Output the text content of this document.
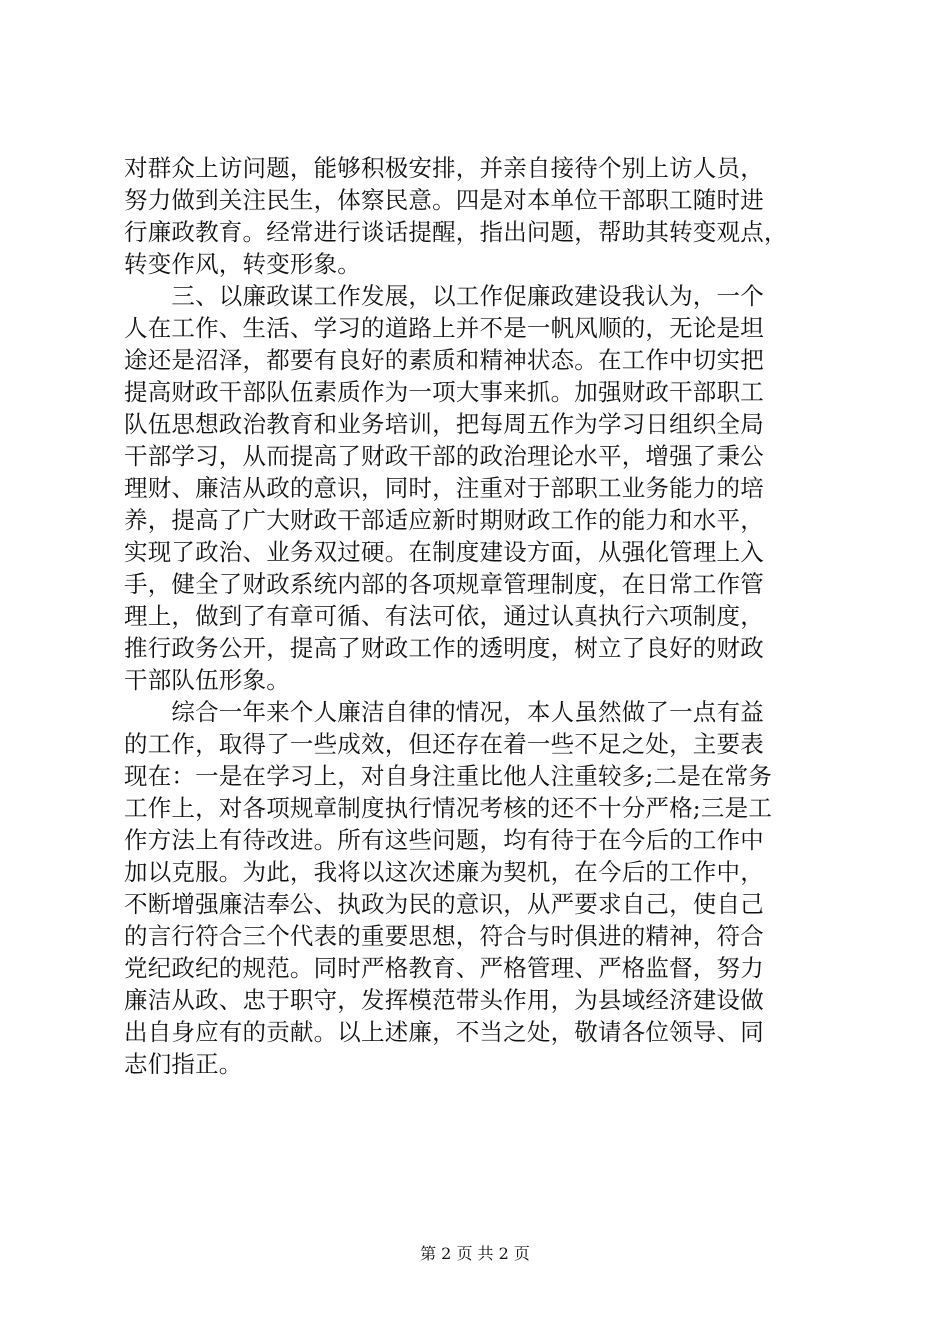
对群众上访问题，能够积极安排，并亲自接待个别上访人员，
努力做到关注民生，体察民意。四是对本单位干部职工随时进
行廉政教育。经常进行谈话提醒，指出问题，帮助其转变观点，
转变作风，转变形象。
　　三、以廉政谋工作发展，以工作促廉政建设我认为，一个
人在工作、生活、学习的道路上并不是一帆风顺的，无论是坦
途还是沼泽，都要有良好的素质和精神状态。在工作中切实把
提高财政干部队伍素质作为一项大事来抓。加强财政干部职工
队伍思想政治教育和业务培训，把每周五作为学习日组织全局
干部学习，从而提高了财政干部的政治理论水平，增强了秉公
理财、廉洁从政的意识，同时，注重对于部职工业务能力的培
养，提高了广大财政干部适应新时期财政工作的能力和水平，
实现了政治、业务双过硬。在制度建设方面，从强化管理上入
手，健全了财政系统内部的各项规章管理制度，在日常工作管
理上，做到了有章可循、有法可依，通过认真执行六项制度，
推行政务公开，提高了财政工作的透明度，树立了良好的财政
干部队伍形象。
　　综合一年来个人廉洁自律的情况，本人虽然做了一点有益
的工作，取得了一些成效，但还存在着一些不足之处，主要表
现在：一是在学习上，对自身注重比他人注重较多;二是在常务
工作上，对各项规章制度执行情况考核的还不十分严格;三是工
作方法上有待改进。所有这些问题，均有待于在今后的工作中
加以克服。为此，我将以这次述廉为契机，在今后的工作中，
不断增强廉洁奉公、执政为民的意识，从严要求自己，使自己
的言行符合三个代表的重要思想，符合与时俱进的精神，符合
党纪政纪的规范。同时严格教育、严格管理、严格监督，努力
廉洁从政、忠于职守，发挥模范带头作用，为县域经济建设做
出自身应有的贡献。以上述廉，不当之处，敬请各位领导、同
志们指正。
第 2 页 共 2 页
